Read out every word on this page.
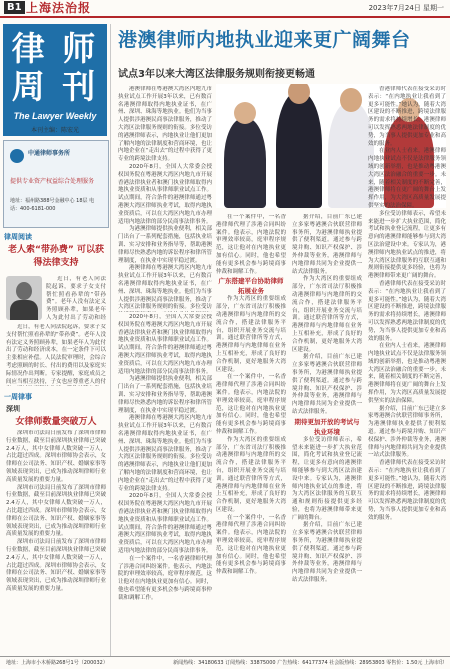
B1 上海法治报	2023年7月24日 星期一
律 师
周 刊
The Lawyer Weekly
本刊主编：陈宏光
中通律师事务所
提供专业资产权益综合处理服务
地址：福州路388号金融中心 18层 电话：400-6181-000
律周阅读
老人索“带孙费” 可以获得法律支持
近日，有老人向法院起诉，要求子女支付帮忙照看孙辈的“带孙费”。老年人没有法定义务照顾孙辈，如果老年人为此付出了劳动和经
近日，有老人向法院起诉，要求子女支付帮忙照看孙辈的“带孙费”。老年人没有法定义务照顾孙辈，如果老年人为此付出了劳动和经济成本，在一定条件下可以主张相应补偿。人民法院审理时，会综合考虑照顾的时长、付出的费用以及家庭实际情况作出判断。专家提醒，家庭成员之间应当相互扶持，子女也应尊重老人的付
一周律事
深圳
女律师数量突破万人
深圳市司法局日前发布了深圳市律师行业数据，截至目前深圳执业律师已突破2.4万人，其中女律师人数突破一万人，占比超过四成。深圳市律师协会表示，女律师在公司法务、知识产权、婚姻家事等领域表现突出，已成为推动深圳律师行业高质量发展的重要力量。
深圳市司法局日前发布了深圳市律师行业数据，截至目前深圳执业律师已突破2.4万人，其中女律师人数突破一万人，占比超过四成。深圳市律师协会表示，女律师在公司法务、知识产权、婚姻家事等领域表现突出，已成为推动深圳律师行业高质量发展的重要力量。
深圳市司法局日前发布了深圳市律师行业数据，截至目前深圳执业律师已突破2.4万人，其中女律师人数突破一万人，占比超过四成。深圳市律师协会表示，女律师在公司法务、知识产权、婚姻家事等领域表现突出，已成为推动深圳律师行业高质量发展的重要力量。
港澳律师内地执业迎来更广阔舞台
试点3年以来大湾区法律服务规则衔接更畅通
港澳律师在粤港澳大湾区内地九市执业试点工作开展3年以来，已有数百名港澳律师取得内地执业证书，在广州、深圳、珠海等地执业。他们为当事人提供涉港澳民商事法律服务，推动了大湾区法律服务规则的衔接。多位受访的港澳律师表示，内地执业让他们更加了解内地的法律制度和营商环境，也让内地企业在“走出去”的过程中获得了更专业的跨境法律支持。
2020年8月，全国人大常委会授权国务院在粤港澳大湾区内地九市开展香港法律执业者和澳门执业律师取得内地执业资质和从事律师职业试点工作。试点期间，符合条件的港澳律师通过粤港澳大湾区律师执业考试，取得内地执业资质后，可以在大湾区内地九市办理适用内地法律的部分民商事法律事务。
为港澳律师提供执业便利，相关部门出台了一系列配套措施，包括执业培训、实习安排和业务指导等，帮助港澳律师尽快熟悉内地的诉讼程序和律所管理制度，在执业中实现平稳过渡。
港澳律师在粤港澳大湾区内地九市执业试点工作开展3年以来，已有数百名港澳律师取得内地执业证书，在广州、深圳、珠海等地执业。他们为当事人提供涉港澳民商事法律服务，推动了大湾区法律服务规则的衔接。多位受访
2020年8月，全国人大常委会授权国务院在粤港澳大湾区内地九市开展香港法律执业者和澳门执业律师取得内地执业资质和从事律师职业试点工作。试点期间，符合条件的港澳律师通过粤港澳大湾区律师执业考试，取得内地执业资质后，可以在大湾区内地九市办理适用内地法律的部分民商事法律事务。
为港澳律师提供执业便利，相关部门出台了一系列配套措施，包括执业培训、实习安排和业务指导等，帮助港澳律师尽快熟悉内地的诉讼程序和律所管理制度，在执业中实现平稳过渡。
港澳律师在粤港澳大湾区内地九市执业试点工作开展3年以来，已有数百名港澳律师取得内地执业证书，在广州、深圳、珠海等地执业。他们为当事人提供涉港澳民商事法律服务，推动了大湾区法律服务规则的衔接。多位受访的港澳律师表示，内地执业让他们更加了解内地的法律制度和营商环境，也让内地企业在“走出去”的过程中获得了更专业的跨境法律支持。
2020年8月，全国人大常委会授权国务院在粤港澳大湾区内地九市开展香港法律执业者和澳门执业律师取得内地执业资质和从事律师职业试点工作。试点期间，符合条件的港澳律师通过粤港澳大湾区律师执业考试，取得内地执业资质后，可以在大湾区内地九市办理适用内地法律的部分民商事法律事务。
在一个案件中，一名香港律师代理了涉港合同纠纷案件。他表示，内地法院的审理效率较高，庭审程序规范，这让他对在内地执业更加有信心。同时，他也希望能有更多机会参与跨境商事仲裁和调解工作。
在一个案件中，一名香港律师代理了涉港合同纠纷案件。他表示，内地法院的审理效率较高，庭审程序规范，这让他对在内地执业更加有信心。同时，他也希望能有更多机会参与跨境商事仲裁和调解工作。
广东搭建平台协助律师拓展业务
作为大湾区的重要组成部分，广东省司法厅积极推动港澳律师与内地律所的交流合作，搭建法律服务平台，组织开展业务交流与培训。通过联营律所等方式，港澳律师与内地律师在业务上互相补充，形成了良好的合作机制，更好地服务大湾区建设。
在一个案件中，一名香港律师代理了涉港合同纠纷案件。他表示，内地法院的审理效率较高，庭审程序规范，这让他对在内地执业更加有信心。同时，他也希望能有更多机会参与跨境商事仲裁和调解工作。
作为大湾区的重要组成部分，广东省司法厅积极推动港澳律师与内地律所的交流合作，搭建法律服务平台，组织开展业务交流与培训。通过联营律所等方式，港澳律师与内地律师在业务上互相补充，形成了良好的合作机制，更好地服务大湾区建设。
在一个案件中，一名香港律师代理了涉港合同纠纷案件。他表示，内地法院的审理效率较高，庭审程序规范，这让他对在内地执业更加有信心。同时，他也希望能有更多机会参与跨境商事仲裁和调解工作。
据介绍，目前广东已建立多家粤港澳合伙联营律师事务所，为港澳律师执业提供了便利渠道。通过参与跨境并购、知识产权保护、涉外仲裁等业务，港澳律师与内地律师共同为企业提供一站式法律服务。
作为大湾区的重要组成部分，广东省司法厅积极推动港澳律师与内地律所的交流合作，搭建法律服务平台，组织开展业务交流与培训。通过联营律所等方式，港澳律师与内地律师在业务上互相补充，形成了良好的合作机制，更好地服务大湾区建设。
据介绍，目前广东已建立多家粤港澳合伙联营律师事务所，为港澳律师执业提供了便利渠道。通过参与跨境并购、知识产权保护、涉外仲裁等业务，港澳律师与内地律师共同为企业提供一站式法律服务。
期待更加开放的考试与执业环境
多位受访律师表示，希望未来能进一步扩大执业范围，简化考试和执业登记流程，让更多有意向的港澳律师能够参与到大湾区法治建设中来。专家认为，港澳律师内地执业试点的推进，将为大湾区法律服务的互联互通和规则衔接提供更多经验，也将为港澳律师带来更广阔的舞台。
据介绍，目前广东已建立多家粤港澳合伙联营律师事务所，为港澳律师执业提供了便利渠道。通过参与跨境并购、知识产权保护、涉外仲裁等业务，港澳律师与内地律师共同为企业提供一站式法律服务。
香港律师代表在接受采访时表示：“在内地执业让我看到了更多可能性。”她认为，随着大湾区建设的不断推进，跨境法律服务的需求将持续增长，港澳律师可以发挥熟悉两地法律制度的优势，为当事人提供更加专业和高效的服务。
在业内人士看来，港澳律师内地执业试点不仅是法律服务领域的创新举措，也是推动粤港澳大湾区法治融合的重要一步。未来，随着相关制度的不断完善，港澳律师将在更广阔的舞台上发挥作用，为大湾区高质量发展提供坚实的法治保障。
多位受访律师表示，希望未来能进一步扩大执业范围，简化考试和执业登记流程，让更多有意向的港澳律师能够参与到大湾区法治建设中来。专家认为，港澳律师内地执业试点的推进，将为大湾区法律服务的互联互通和规则衔接提供更多经验，也将为港澳律师带来更广阔的舞台。
香港律师代表在接受采访时表示：“在内地执业让我看到了更多可能性。”她认为，随着大湾区建设的不断推进，跨境法律服务的需求将持续增长，港澳律师可以发挥熟悉两地法律制度的优势，为当事人提供更加专业和高效的服务。
在业内人士看来，港澳律师内地执业试点不仅是法律服务领域的创新举措，也是推动粤港澳大湾区法治融合的重要一步。未来，随着相关制度的不断完善，港澳律师将在更广阔的舞台上发挥作用，为大湾区高质量发展提供坚实的法治保障。
据介绍，目前广东已建立多家粤港澳合伙联营律师事务所，为港澳律师执业提供了便利渠道。通过参与跨境并购、知识产权保护、涉外仲裁等业务，港澳律师与内地律师共同为企业提供一站式法律服务。
香港律师代表在接受采访时表示：“在内地执业让我看到了更多可能性。”她认为，随着大湾区建设的不断推进，跨境法律服务的需求将持续增长，港澳律师可以发挥熟悉两地法律制度的优势，为当事人提供更加专业和高效的服务。
地址：上海市小木桥路268号1号（200032）	新闻热线：34180633 订阅热线：33875000 广告热线：64177374 社会版热线：28953803 零售价：1.50元 上海市印
